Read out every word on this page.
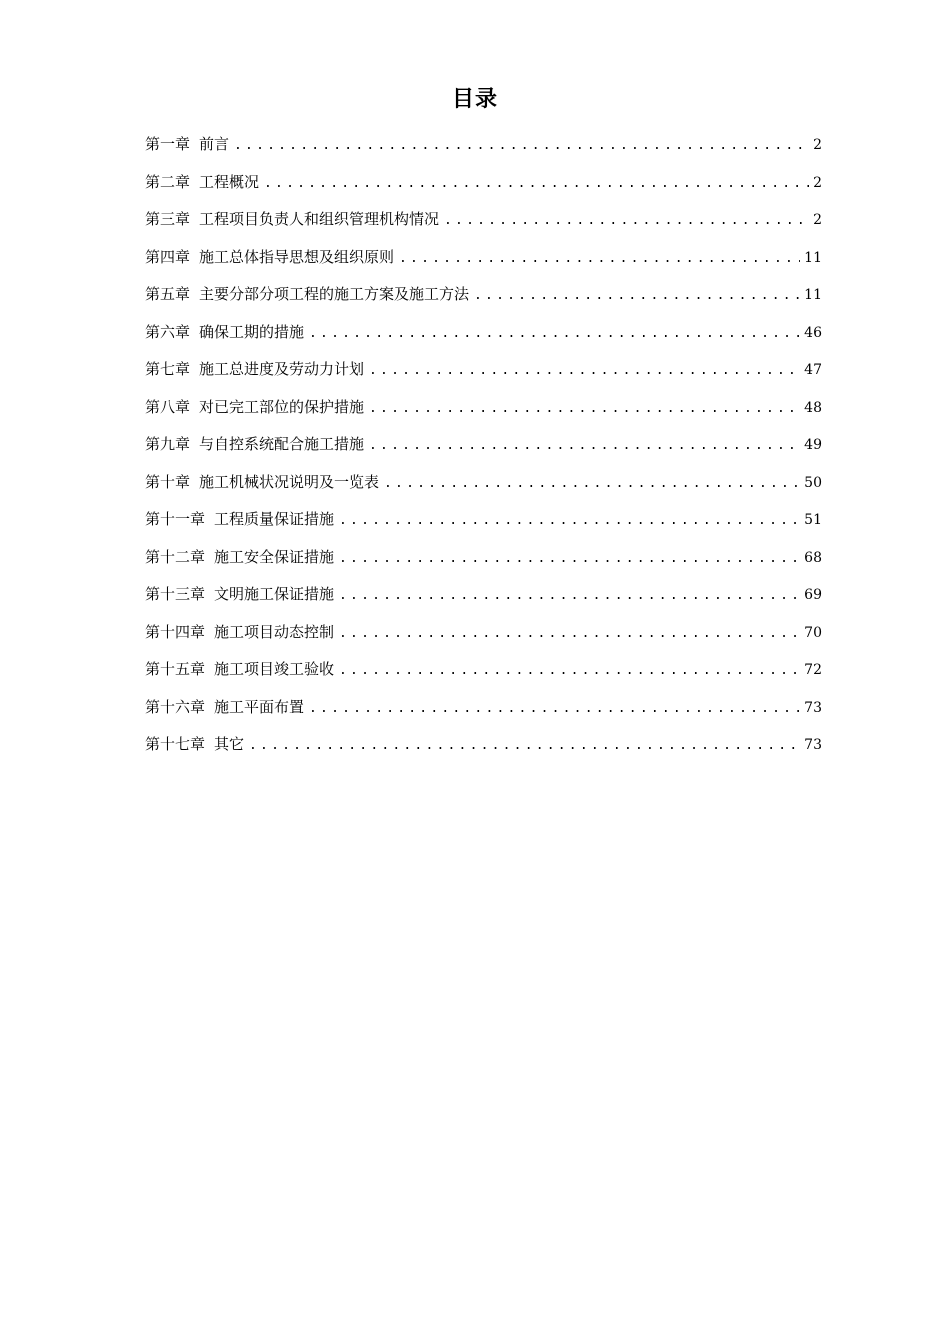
目录
第一章 前言 .....	2
第二章 工程概况 .....	2
第三章 工程项目负责人和组织管理机构情况 .....	2
第四章 施工总体指导思想及组织原则 .....	11
第五章 主要分部分项工程的施工方案及施工方法 .....	11
第六章 确保工期的措施 .....	46
第七章 施工总进度及劳动力计划 .....	47
第八章 对已完工部位的保护措施 .....	48
第九章 与自控系统配合施工措施 .....	49
第十章 施工机械状况说明及一览表 .....	50
第十一章 工程质量保证措施 .....	51
第十二章 施工安全保证措施 .....	68
第十三章 文明施工保证措施 .....	69
第十四章 施工项目动态控制 .....	70
第十五章 施工项目竣工验收 .....	72
第十六章 施工平面布置 .....	73
第十七章 其它 .....	73
